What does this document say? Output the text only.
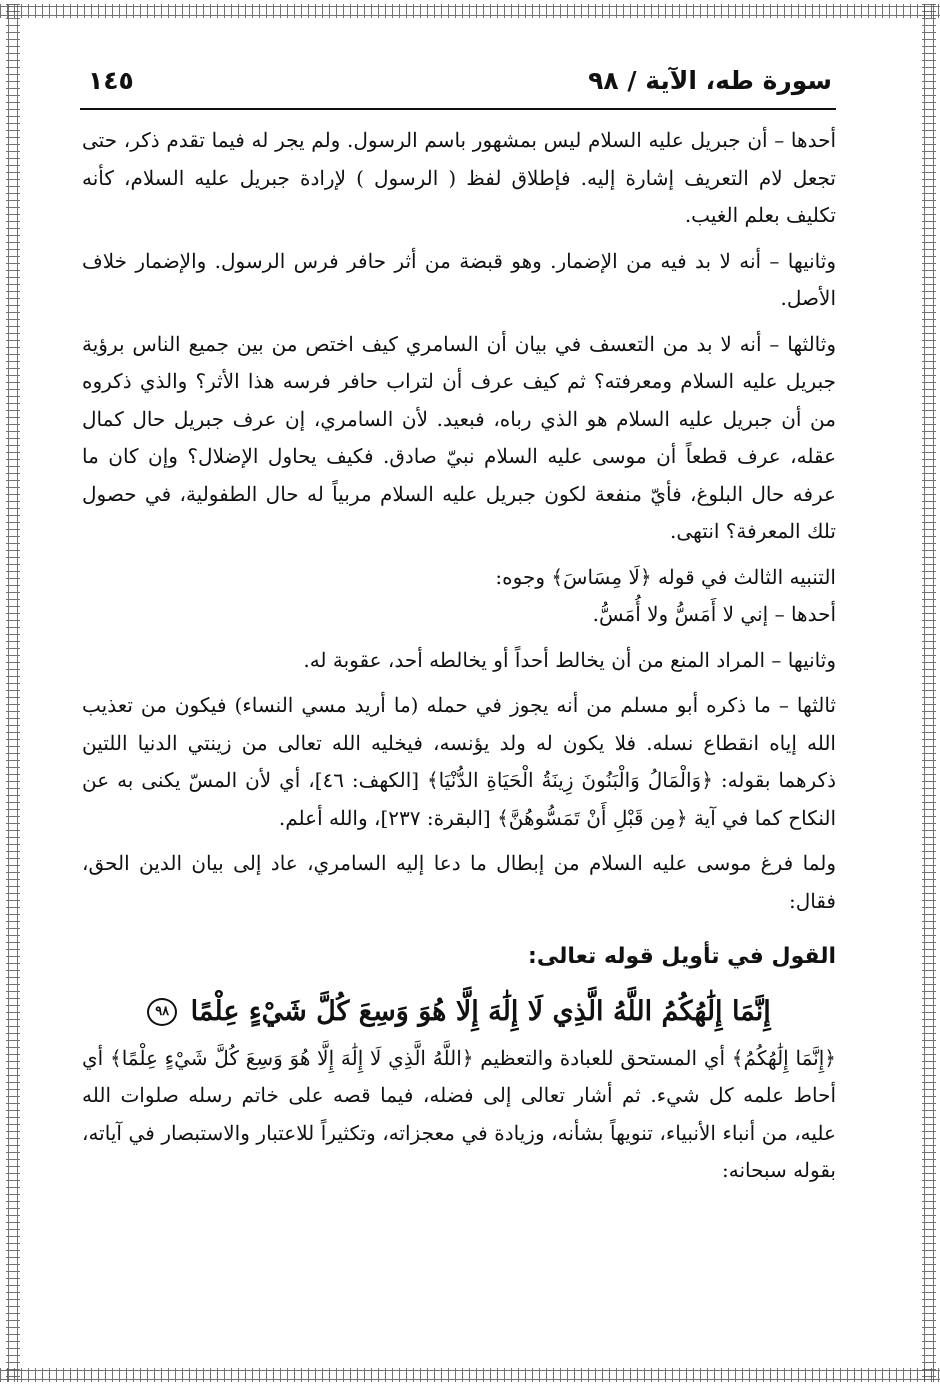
سورة طه، الآية / ٩٨
١٤٥

أحدها – أن جبريل عليه السلام ليس بمشهور باسم الرسول. ولم يجر له فيما تقدم ذكر، حتى تجعل لام التعريف إشارة إليه. فإطلاق لفظ ( الرسول ) لإرادة جبريل عليه السلام، كأنه تكليف بعلم الغيب.

وثانيها – أنه لا بد فيه من الإضمار. وهو قبضة من أثر حافر فرس الرسول. والإضمار خلاف الأصل.

وثالثها – أنه لا بد من التعسف في بيان أن السامري كيف اختص من بين جميع الناس برؤية جبريل عليه السلام ومعرفته؟ ثم كيف عرف أن لتراب حافر فرسه هذا الأثر؟ والذي ذكروه من أن جبريل عليه السلام هو الذي رباه، فبعيد. لأن السامري، إن عرف جبريل حال كمال عقله، عرف قطعاً أن موسى عليه السلام نبيّ صادق. فكيف يحاول الإضلال؟ وإن كان ما عرفه حال البلوغ، فأيّ منفعة لكون جبريل عليه السلام مربياً له حال الطفولية، في حصول تلك المعرفة؟ انتهى.

التنبيه الثالث في قوله ﴿لَا مِسَاسَ﴾ وجوه:

أحدها – إني لا أَمَسُّ ولا أُمَسُّ.

وثانيها – المراد المنع من أن يخالط أحداً أو يخالطه أحد، عقوبة له.

ثالثها – ما ذكره أبو مسلم من أنه يجوز في حمله (ما أريد مسي النساء) فيكون من تعذيب الله إياه انقطاع نسله. فلا يكون له ولد يؤنسه، فيخليه الله تعالى من زينتي الدنيا اللتين ذكرهما بقوله: ﴿وَالْمَالُ وَالْبَنُونَ زِينَةُ الْحَيَاةِ الدُّنْيَا﴾ [الكهف: ٤٦]، أي لأن المسّ يكنى به عن النكاح كما في آية ﴿مِن قَبْلِ أَنْ تَمَسُّوهُنَّ﴾ [البقرة: ٢٣٧]، والله أعلم.

ولما فرغ موسى عليه السلام من إبطال ما دعا إليه السامري، عاد إلى بيان الدين الحق، فقال:

القول في تأويل قوله تعالى:
إِنَّمَا إِلَٰهُكُمُ اللَّهُ الَّذِي لَا إِلَٰهَ إِلَّا هُوَ وَسِعَ كُلَّ شَيْءٍ عِلْمًا ٩٨

﴿إِنَّمَا إِلَٰهُكُمُ﴾ أي المستحق للعبادة والتعظيم ﴿اللَّهُ الَّذِي لَا إِلَٰهَ إِلَّا هُوَ وَسِعَ كُلَّ شَيْءٍ عِلْمًا﴾ أي أحاط علمه كل شيء. ثم أشار تعالى إلى فضله، فيما قصه على خاتم رسله صلوات الله عليه، من أنباء الأنبياء، تنويهاً بشأنه، وزيادة في معجزاته، وتكثيراً للاعتبار والاستبصار في آياته، بقوله سبحانه:
